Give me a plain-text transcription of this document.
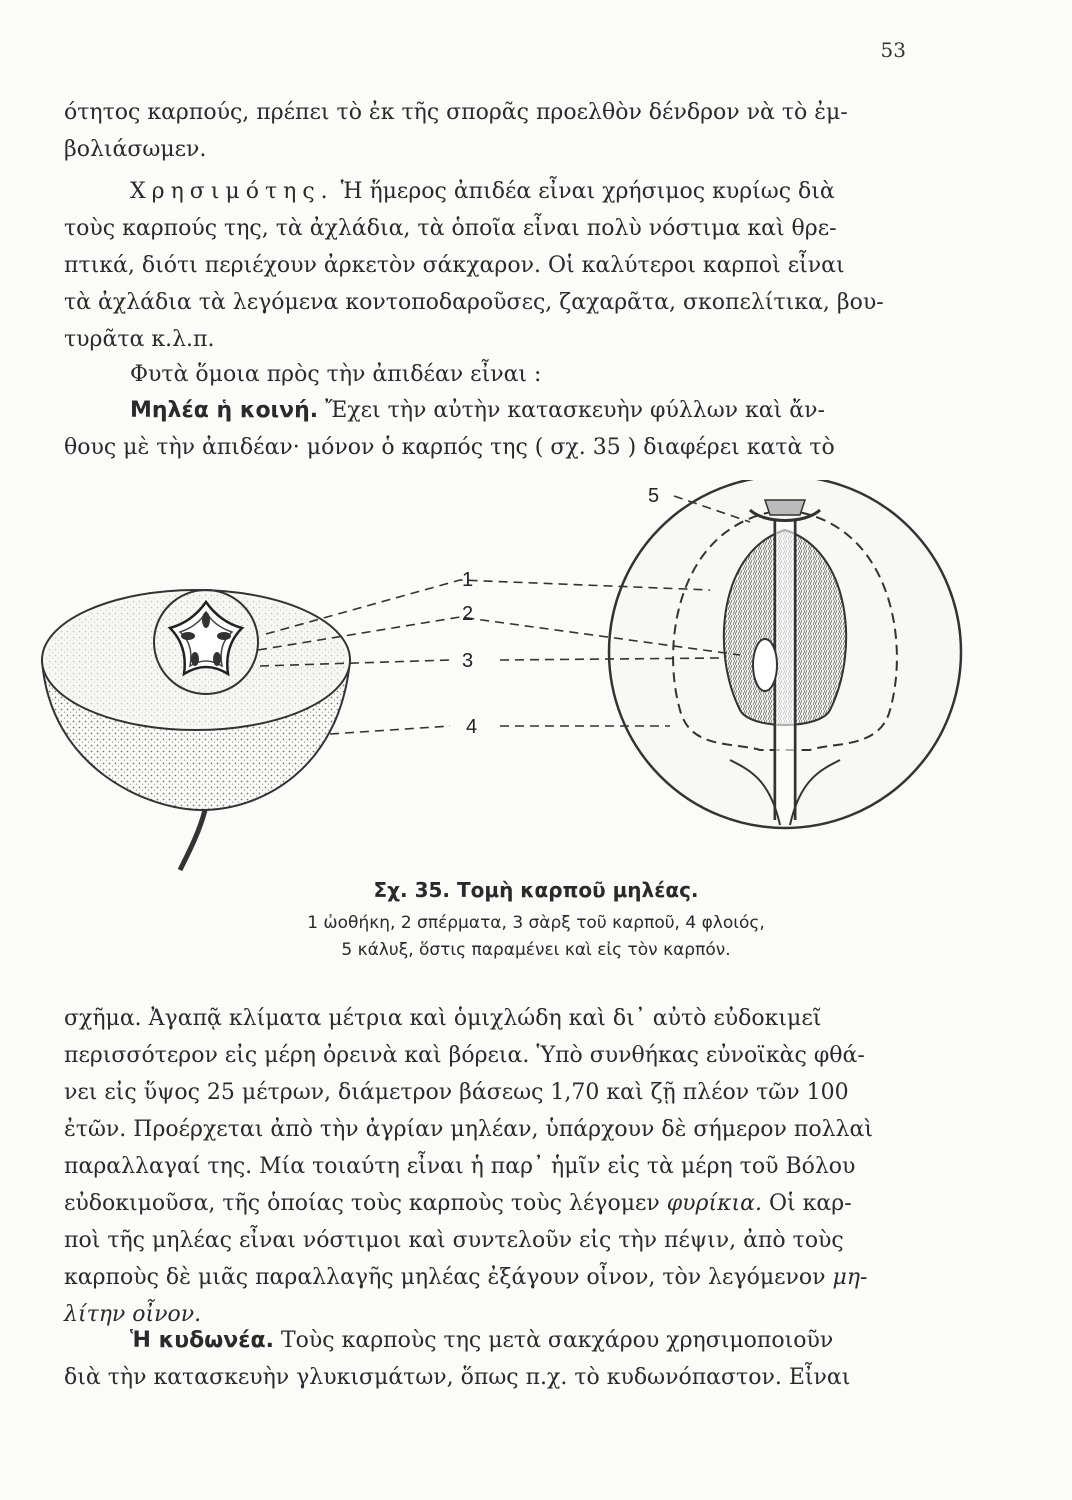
53
ότητος καρπούς, πρέπει τὸ ἐκ τῆς σπορᾶς προελθὸν δένδρον νὰ τὸ ἐμ-
βολιάσωμεν.
Χρησιμότης. Ἡ ἥμερος ἀπιδέα εἶναι χρήσιμος κυρίως διὰ
τοὺς καρπούς της, τὰ ἀχλάδια, τὰ ὁποῖα εἶναι πολὺ νόστιμα καὶ θρε-
πτικά, διότι περιέχουν ἀρκετὸν σάκχαρον. Οἱ καλύτεροι καρποὶ εἶναι
τὰ ἀχλάδια τὰ λεγόμενα κοντοποδαροῦσες, ζαχαρᾶτα, σκοπελίτικα, βου-
τυρᾶτα κ.λ.π.
Φυτὰ ὅμοια πρὸς τὴν ἀπιδέαν εἶναι :
Μηλέα ἡ κοινή. Ἔχει τὴν αὐτὴν κατασκευὴν φύλλων καὶ ἄν-
θους μὲ τὴν ἀπιδέαν· μόνον ὁ καρπός της ( σχ. 35 ) διαφέρει κατὰ τὸ
1
2
3
4
5
Σχ. 35. Τομὴ καρποῦ μηλέας.
1 ὠοθήκη, 2 σπέρματα, 3 σὰρξ τοῦ καρποῦ, 4 φλοιός,
5 κάλυξ, ὅστις παραμένει καὶ εἰς τὸν καρπόν.
σχῆμα. Ἀγαπᾷ κλίματα μέτρια καὶ ὁμιχλώδη καὶ δι᾽ αὐτὸ εὐδοκιμεῖ
περισσότερον εἰς μέρη ὀρεινὰ καὶ βόρεια. Ὑπὸ συνθήκας εὐνοϊκὰς φθά-
νει εἰς ὕψος 25 μέτρων, διάμετρον βάσεως 1,70 καὶ ζῇ πλέον τῶν 100
ἐτῶν. Προέρχεται ἀπὸ τὴν ἀγρίαν μηλέαν, ὑπάρχουν δὲ σήμερον πολλαὶ
παραλλαγαί της. Μία τοιαύτη εἶναι ἡ παρ᾽ ἡμῖν εἰς τὰ μέρη τοῦ Βόλου
εὐδοκιμοῦσα, τῆς ὁποίας τοὺς καρποὺς τοὺς λέγομεν φυρίκια. Οἱ καρ-
ποὶ τῆς μηλέας εἶναι νόστιμοι καὶ συντελοῦν εἰς τὴν πέψιν, ἀπὸ τοὺς
καρποὺς δὲ μιᾶς παραλλαγῆς μηλέας ἐξάγουν οἶνον, τὸν λεγόμενον μη-
λίτην οἶνον.
Ἡ κυδωνέα. Τοὺς καρποὺς της μετὰ σακχάρου χρησιμοποιοῦν
διὰ τὴν κατασκευὴν γλυκισμάτων, ὅπως π.χ. τὸ κυδωνόπαστον. Εἶναι
